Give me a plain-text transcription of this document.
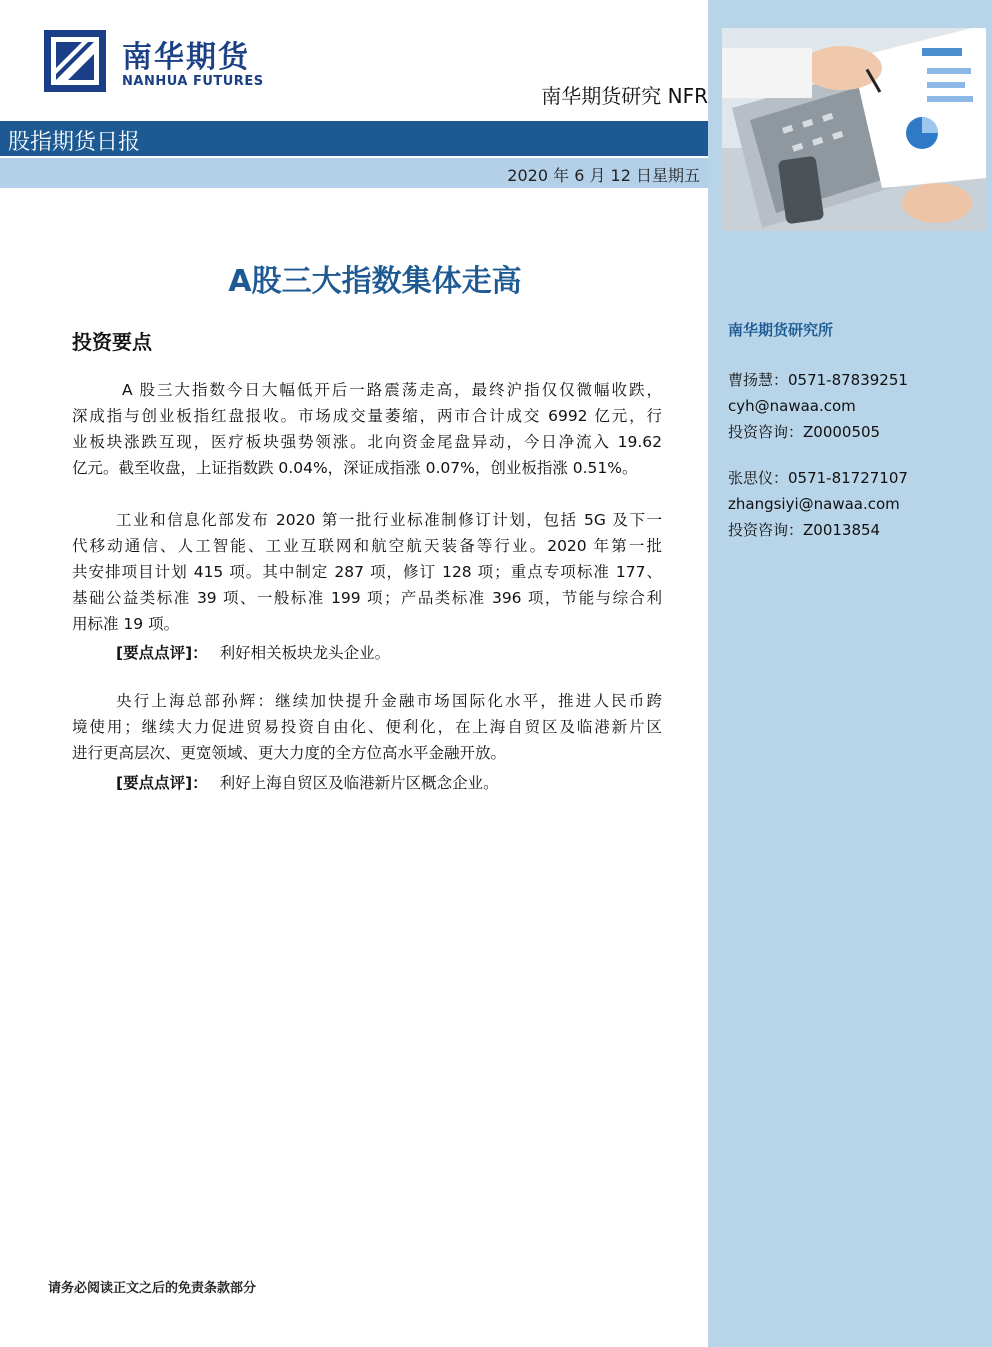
南华期货
NANHUA FUTURES
南华期货研究 NFR
股指期货日报
2020 年 6 月 12 日星期五
A股三大指数集体走高
投资要点
A 股三大指数今日大幅低开后一路震荡走高，最终沪指仅仅微幅收跌，
深成指与创业板指红盘报收。市场成交量萎缩，两市合计成交 6992 亿元，行
业板块涨跌互现，医疗板块强势领涨。北向资金尾盘异动，今日净流入 19.62
亿元。截至收盘，上证指数跌 0.04%，深证成指涨 0.07%，创业板指涨 0.51%。
工业和信息化部发布 2020 第一批行业标准制修订计划，包括 5G 及下一
代移动通信、人工智能、工业互联网和航空航天装备等行业。2020 年第一批
共安排项目计划 415 项。其中制定 287 项，修订 128 项；重点专项标准 177、
基础公益类标准 39 项、一般标准 199 项；产品类标准 396 项，节能与综合利
用标准 19 项。
[要点点评]： 利好相关板块龙头企业。
央行上海总部孙辉：继续加快提升金融市场国际化水平，推进人民币跨
境使用；继续大力促进贸易投资自由化、便利化，在上海自贸区及临港新片区
进行更高层次、更宽领域、更大力度的全方位高水平金融开放。
[要点点评]： 利好上海自贸区及临港新片区概念企业。
南华期货研究所
曹扬慧：0571-87839251
cyh@nawaa.com
投资咨询：Z0000505
张思仪：0571-81727107
zhangsiyi@nawaa.com
投资咨询：Z0013854
请务必阅读正文之后的免责条款部分
